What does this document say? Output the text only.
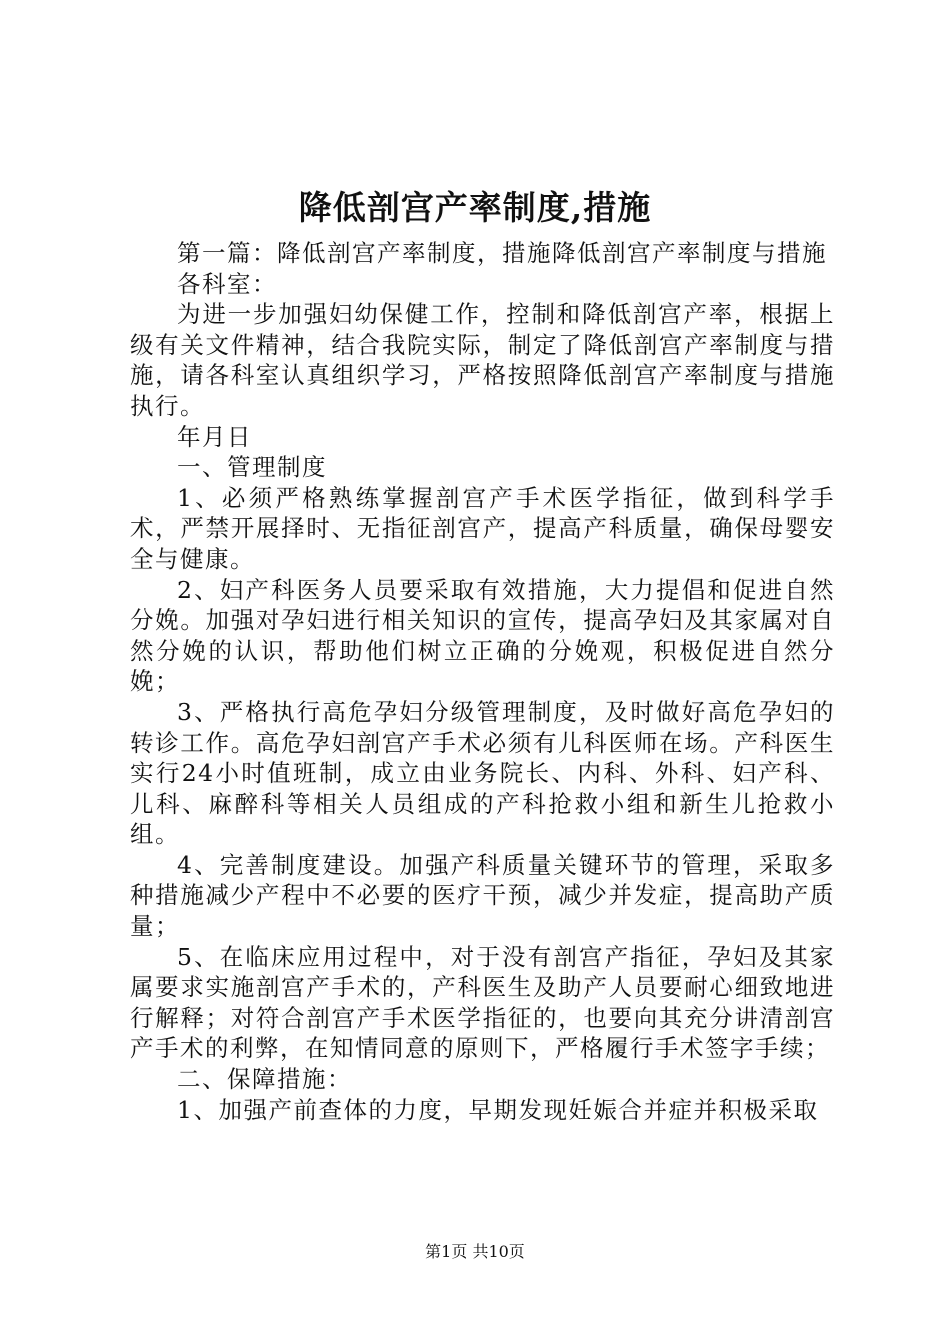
降低剖宫产率制度,措施

第一篇：降低剖宫产率制度，措施降低剖宫产率制度与措施

各科室：

为进一步加强妇幼保健工作，控制和降低剖宫产率，根据上级有关文件精神，结合我院实际，制定了降低剖宫产率制度与措施，请各科室认真组织学习，严格按照降低剖宫产率制度与措施执行。

年月日

一、管理制度

1、必须严格熟练掌握剖宫产手术医学指征，做到科学手术，严禁开展择时、无指征剖宫产，提高产科质量，确保母婴安全与健康。

2、妇产科医务人员要采取有效措施，大力提倡和促进自然分娩。加强对孕妇进行相关知识的宣传，提高孕妇及其家属对自然分娩的认识，帮助他们树立正确的分娩观，积极促进自然分娩；

3、严格执行高危孕妇分级管理制度，及时做好高危孕妇的转诊工作。高危孕妇剖宫产手术必须有儿科医师在场。产科医生实行24小时值班制，成立由业务院长、内科、外科、妇产科、儿科、麻醉科等相关人员组成的产科抢救小组和新生儿抢救小组。

4、完善制度建设。加强产科质量关键环节的管理，采取多种措施减少产程中不必要的医疗干预，减少并发症，提高助产质量；

5、在临床应用过程中，对于没有剖宫产指征，孕妇及其家属要求实施剖宫产手术的，产科医生及助产人员要耐心细致地进行解释；对符合剖宫产手术医学指征的，也要向其充分讲清剖宫产手术的利弊，在知情同意的原则下，严格履行手术签字手续；

二、保障措施：

1、加强产前查体的力度，早期发现妊娠合并症并积极采取

第1页 共10页
